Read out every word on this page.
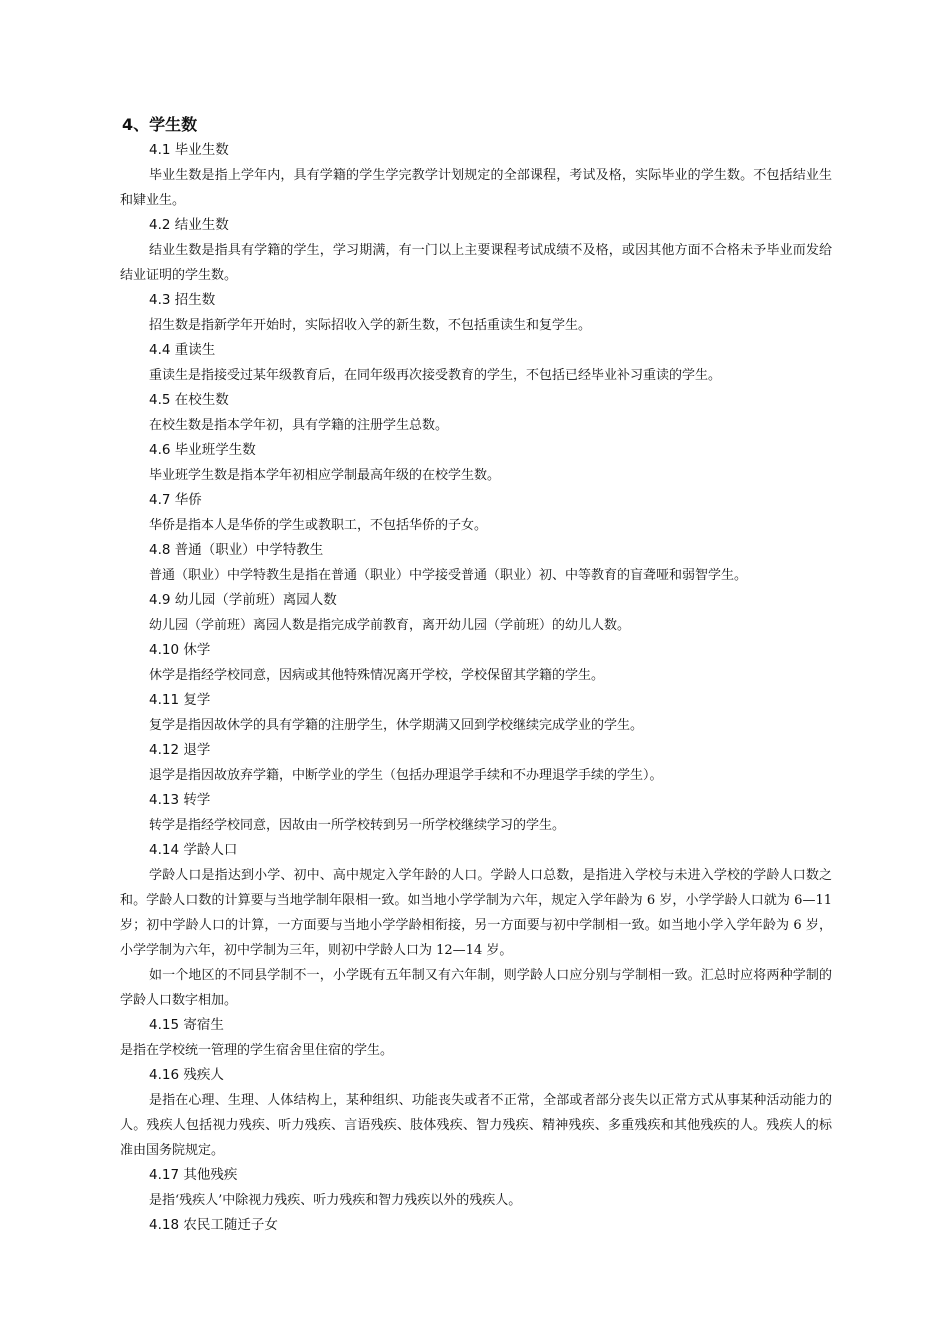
4、学生数
4.1 毕业生数

毕业生数是指上学年内，具有学籍的学生学完教学计划规定的全部课程，考试及格，实际毕业的学生数。不包括结业生和肄业生。

4.2 结业生数

结业生数是指具有学籍的学生，学习期满，有一门以上主要课程考试成绩不及格，或因其他方面不合格未予毕业而发给结业证明的学生数。

4.3 招生数

招生数是指新学年开始时，实际招收入学的新生数，不包括重读生和复学生。

4.4 重读生

重读生是指接受过某年级教育后，在同年级再次接受教育的学生，不包括已经毕业补习重读的学生。

4.5 在校生数

在校生数是指本学年初，具有学籍的注册学生总数。

4.6 毕业班学生数

毕业班学生数是指本学年初相应学制最高年级的在校学生数。

4.7 华侨

华侨是指本人是华侨的学生或教职工，不包括华侨的子女。

4.8 普通（职业）中学特教生

普通（职业）中学特教生是指在普通（职业）中学接受普通（职业）初、中等教育的盲聋哑和弱智学生。

4.9 幼儿园（学前班）离园人数

幼儿园（学前班）离园人数是指完成学前教育，离开幼儿园（学前班）的幼儿人数。

4.10 休学

休学是指经学校同意，因病或其他特殊情况离开学校，学校保留其学籍的学生。

4.11 复学

复学是指因故休学的具有学籍的注册学生，休学期满又回到学校继续完成学业的学生。

4.12 退学

退学是指因故放弃学籍，中断学业的学生（包括办理退学手续和不办理退学手续的学生）。

4.13 转学

转学是指经学校同意，因故由一所学校转到另一所学校继续学习的学生。

4.14 学龄人口

学龄人口是指达到小学、初中、高中规定入学年龄的人口。学龄人口总数，是指进入学校与未进入学校的学龄人口数之和。学龄人口数的计算要与当地学制年限相一致。如当地小学学制为六年，规定入学年龄为 6 岁，小学学龄人口就为 6—11 岁；初中学龄人口的计算，一方面要与当地小学学龄相衔接，另一方面要与初中学制相一致。如当地小学入学年龄为 6 岁，小学学制为六年，初中学制为三年，则初中学龄人口为 12—14 岁。

如一个地区的不同县学制不一，小学既有五年制又有六年制，则学龄人口应分别与学制相一致。汇总时应将两种学制的学龄人口数字相加。

4.15 寄宿生

是指在学校统一管理的学生宿舍里住宿的学生。

4.16 残疾人

是指在心理、生理、人体结构上，某种组织、功能丧失或者不正常，全部或者部分丧失以正常方式从事某种活动能力的人。残疾人包括视力残疾、听力残疾、言语残疾、肢体残疾、智力残疾、精神残疾、多重残疾和其他残疾的人。残疾人的标准由国务院规定。

4.17 其他残疾

是指‘残疾人’中除视力残疾、听力残疾和智力残疾以外的残疾人。

4.18 农民工随迁子女
